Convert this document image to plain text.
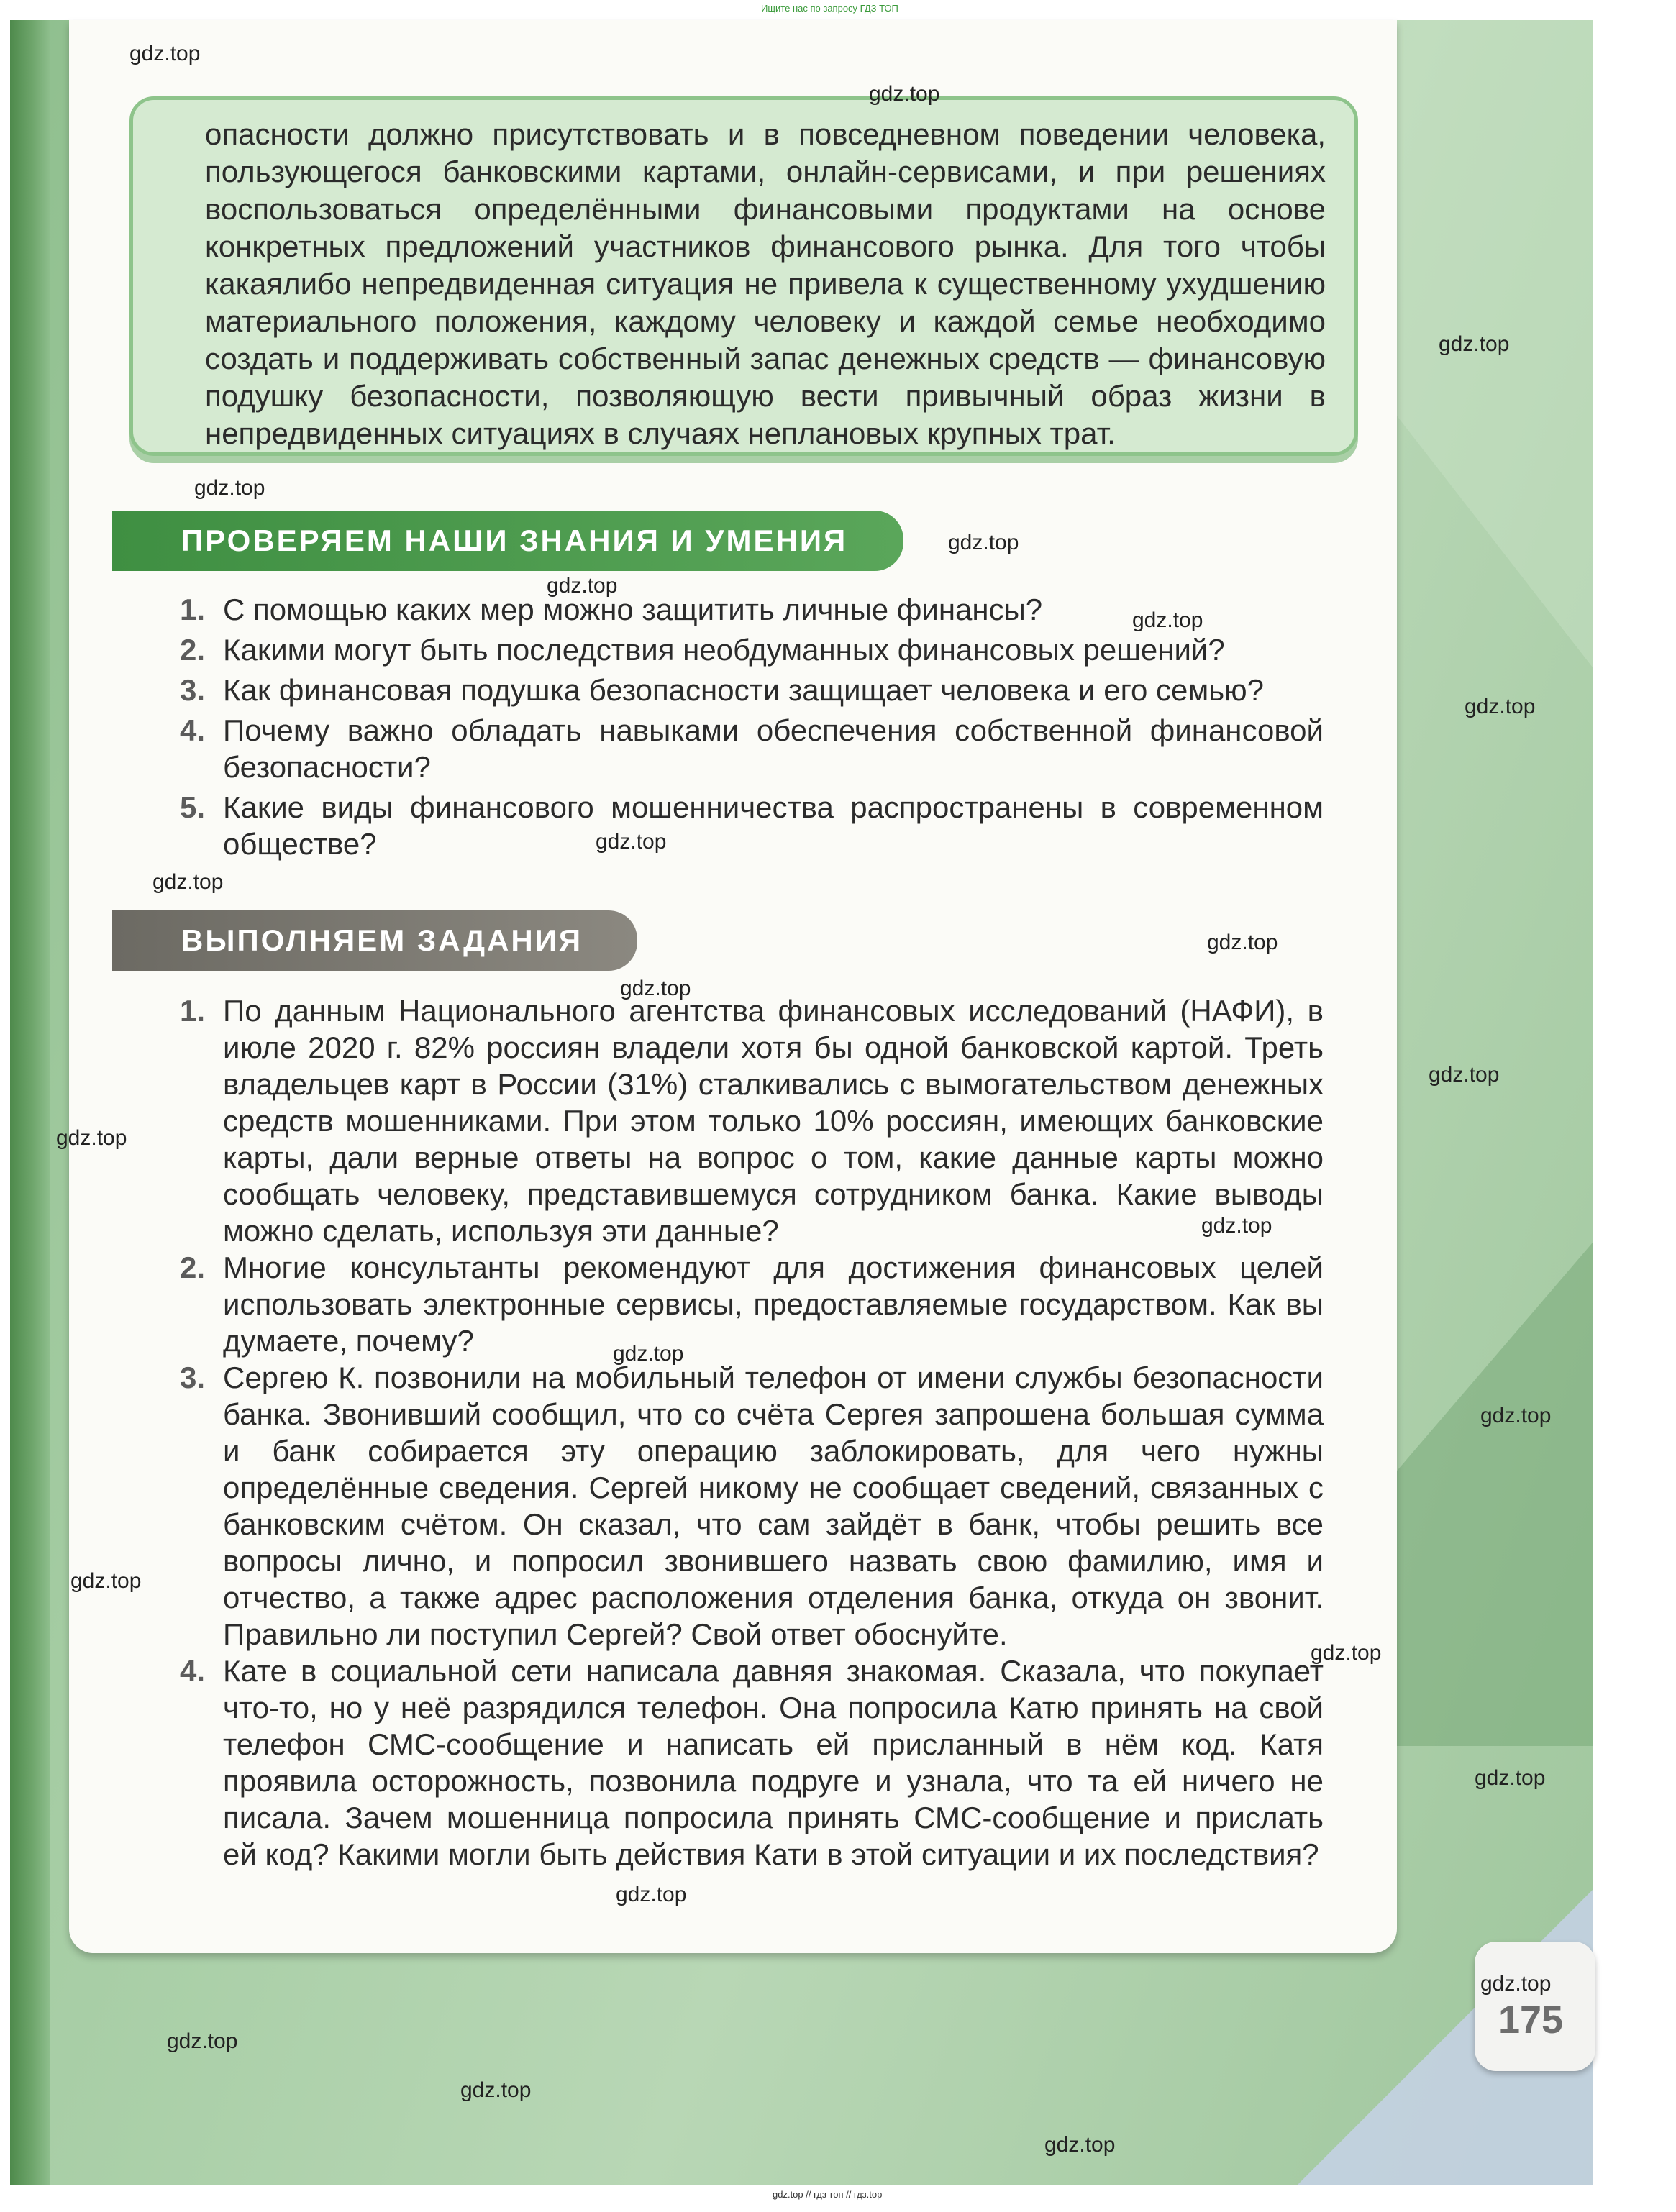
Ищите нас по запросу ГДЗ ТОП

опасности должно присутствовать и в повседневном поведении человека, пользующегося банковскими картами, онлайн-сервисами, и при решениях воспользоваться определёнными финансовыми продуктами на основе конкретных предложений участников финансового рынка. Для того чтобы какаялибо непредвиденная ситуация не привела к существенному ухудшению материального положения, каждому человеку и каждой семье необходимо создать и поддерживать собственный запас денежных средств — финансовую подушку безопасности, позволяющую вести привычный образ жизни в непредвиденных ситуациях в случаях неплановых крупных трат.

ПРОВЕРЯЕМ НАШИ ЗНАНИЯ И УМЕНИЯ
1. С помощью каких мер можно защитить личные финансы?
2. Какими могут быть последствия необдуманных финансовых решений?
3. Как финансовая подушка безопасности защищает человека и его семью?
4. Почему важно обладать навыками обеспечения собственной финансовой безопасности?
5. Какие виды финансового мошенничества распространены в современном обществе?
ВЫПОЛНЯЕМ ЗАДАНИЯ
1. По данным Национального агентства финансовых исследований (НАФИ), в июле 2020 г. 82% россиян владели хотя бы одной банковской картой. Треть владельцев карт в России (31%) сталкивались с вымогательством денежных средств мошенниками. При этом только 10% россиян, имеющих банковские карты, дали верные ответы на вопрос о том, какие данные карты можно сообщать человеку, представившемуся сотрудником банка. Какие выводы можно сделать, используя эти данные?
2. Многие консультанты рекомендуют для достижения финансовых целей использовать электронные сервисы, предоставляемые государством. Как вы думаете, почему?
3. Сергею К. позвонили на мобильный телефон от имени службы безопасности банка. Звонивший сообщил, что со счёта Сергея запрошена большая сумма и банк собирается эту операцию заблокировать, для чего нужны определённые сведения. Сергей никому не сообщает сведений, связанных с банковским счётом. Он сказал, что сам зайдёт в банк, чтобы решить все вопросы лично, и попросил звонившего назвать свою фамилию, имя и отчество, а также адрес расположения отделения банка, откуда он звонит. Правильно ли поступил Сергей? Свой ответ обоснуйте.
4. Кате в социальной сети написала давняя знакомая. Сказала, что покупает что-то, но у неё разрядился телефон. Она попросила Катю принять на свой телефон СМС-сообщение и написать ей присланный в нём код. Катя проявила осторожность, позвонила подруге и узнала, что та ей ничего не писала. Зачем мошенница попросила принять СМС-сообщение и прислать ей код? Какими могли быть действия Кати в этой ситуации и их последствия?
175
gdz.top
gdz.top
gdz.top
gdz.top
gdz.top
gdz.top
gdz.top
gdz.top
gdz.top
gdz.top
gdz.top
gdz.top
gdz.top
gdz.top
gdz.top
gdz.top
gdz.top
gdz.top
gdz.top
gdz.top
gdz.top
gdz.top
gdz.top
gdz.top
gdz.top
gdz.top // гдз топ // гдз.top
